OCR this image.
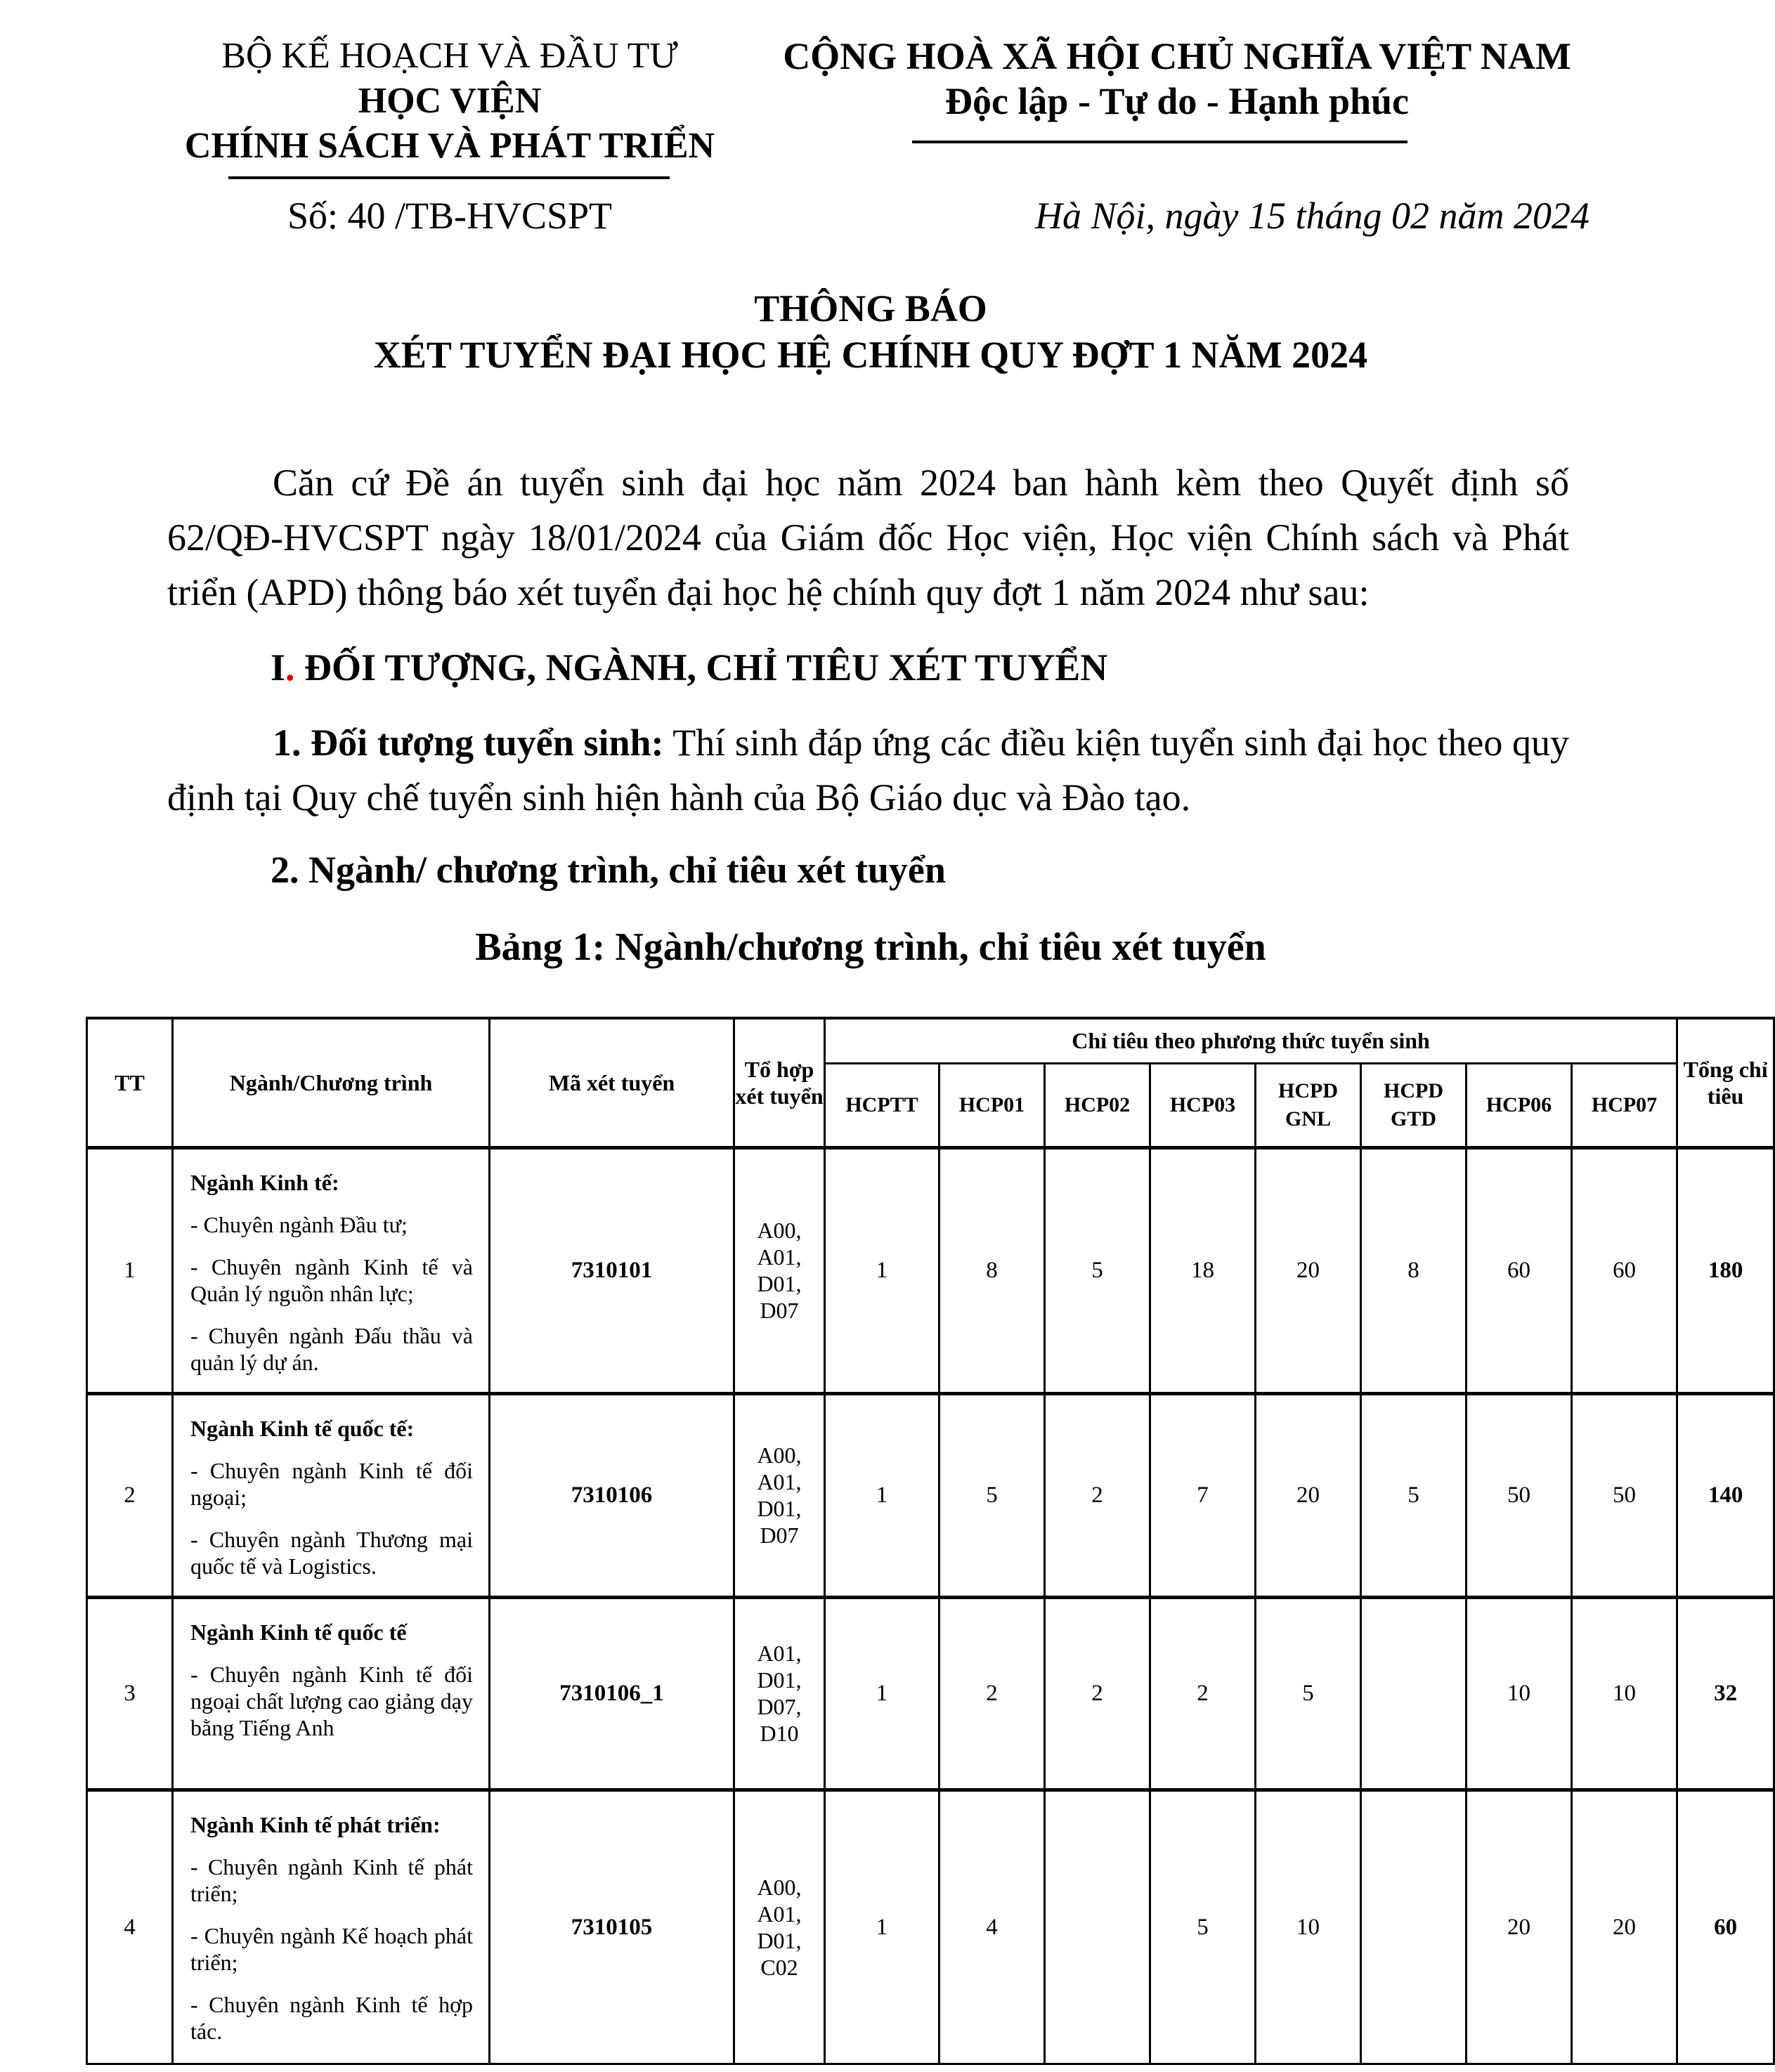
BỘ KẾ HOẠCH VÀ ĐẦU TƯ
HỌC VIỆN
CHÍNH SÁCH VÀ PHÁT TRIỂN
Số: 40 /TB-HVCSPT
CỘNG HOÀ XÃ HỘI CHỦ NGHĨA VIỆT NAM
Độc lập - Tự do - Hạnh phúc
Hà Nội, ngày 15 tháng 02 năm 2024
THÔNG BÁO
XÉT TUYỂN ĐẠI HỌC HỆ CHÍNH QUY ĐỢT 1 NĂM 2024
Căn cứ Đề án tuyển sinh đại học năm 2024 ban hành kèm theo Quyết định số 62/QĐ-HVCSPT ngày 18/01/2024 của Giám đốc Học viện, Học viện Chính sách và Phát triển (APD) thông báo xét tuyển đại học hệ chính quy đợt 1 năm 2024 như sau:
I. ĐỐI TƯỢNG, NGÀNH, CHỈ TIÊU XÉT TUYỂN
1. Đối tượng tuyển sinh: Thí sinh đáp ứng các điều kiện tuyển sinh đại học theo quy định tại Quy chế tuyển sinh hiện hành của Bộ Giáo dục và Đào tạo.
2. Ngành/ chương trình, chỉ tiêu xét tuyển
Bảng 1: Ngành/chương trình, chỉ tiêu xét tuyển
TT	Ngành/Chương trình	Mã xét tuyển	Tổ hợp xét tuyển	Chỉ tiêu theo phương thức tuyển sinh								Tổng chỉ tiêu
				HCPTT	HCP01	HCP02	HCP03	HCPD GNL	HCPD GTD	HCP06	HCP07	
1	Ngành Kinh tế:
- Chuyên ngành Đầu tư;
- Chuyên ngành Kinh tế và Quản lý nguồn nhân lực;
- Chuyên ngành Đấu thầu và quản lý dự án.	7310101	A00,
A01,
D01,
D07	1	8	5	18	20	8	60	60	180
2	Ngành Kinh tế quốc tế:
- Chuyên ngành Kinh tế đối ngoại;
- Chuyên ngành Thương mại quốc tế và Logistics.	7310106	A00,
A01,
D01,
D07	1	5	2	7	20	5	50	50	140
3	Ngành Kinh tế quốc tế
- Chuyên ngành Kinh tế đối ngoại chất lượng cao giảng dạy bằng Tiếng Anh	7310106_1	A01,
D01,
D07,
D10	1	2	2	2	5		10	10	32
4	Ngành Kinh tế phát triển:
- Chuyên ngành Kinh tế phát triển;
- Chuyên ngành Kế hoạch phát triển;
- Chuyên ngành Kinh tế hợp tác.	7310105	A00,
A01,
D01,
C02	1	4		5	10		20	20	60
